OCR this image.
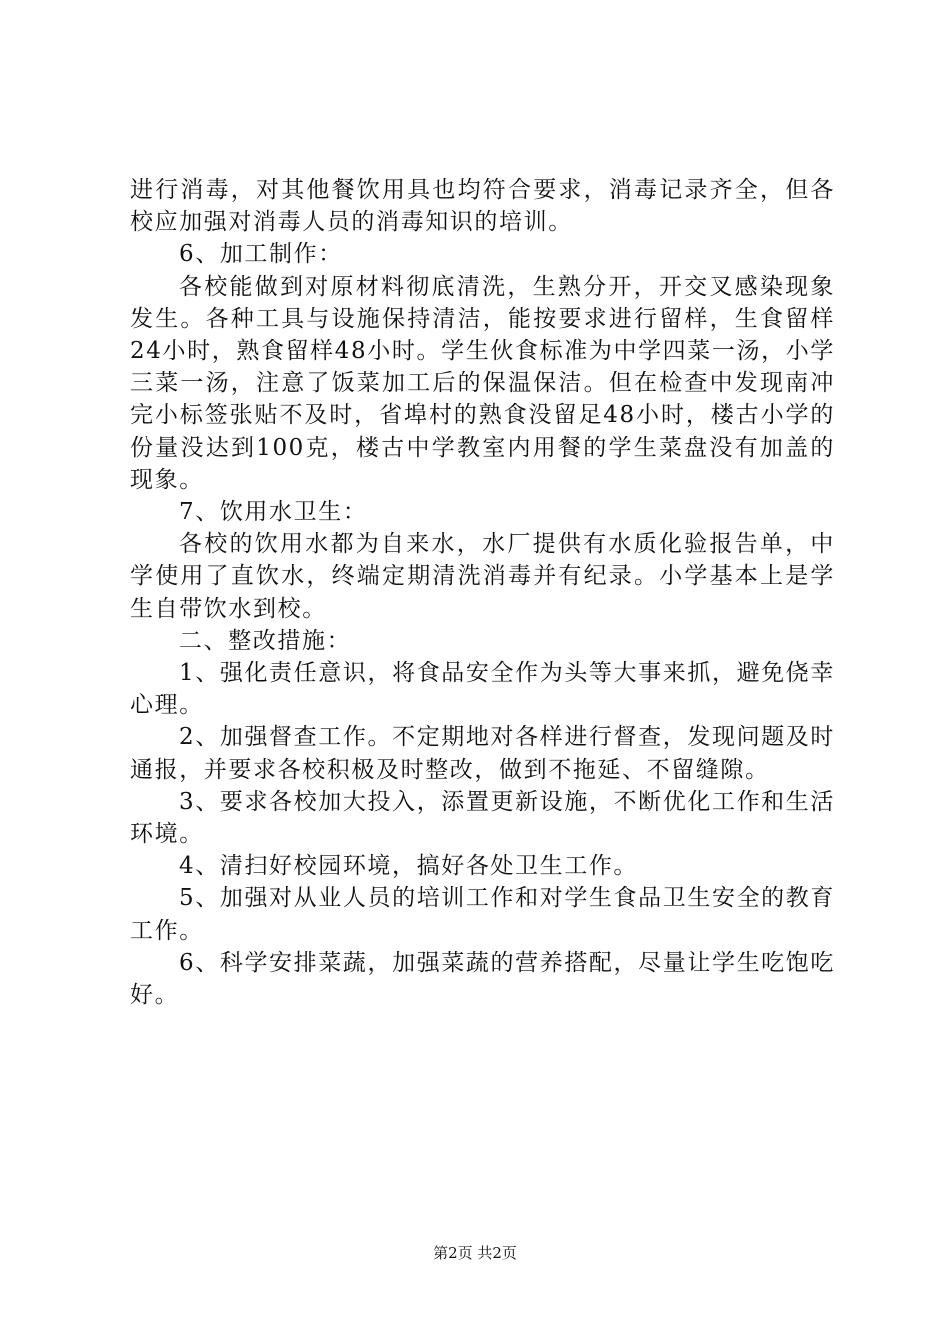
进行消毒，对其他餐饮用具也均符合要求，消毒记录齐全，但各校应加强对消毒人员的消毒知识的培训。

6、加工制作：

各校能做到对原材料彻底清洗，生熟分开，开交叉感染现象发生。各种工具与设施保持清洁，能按要求进行留样，生食留样24小时，熟食留样48小时。学生伙食标准为中学四菜一汤，小学三菜一汤，注意了饭菜加工后的保温保洁。但在检查中发现南冲完小标签张贴不及时，省埠村的熟食没留足48小时，楼古小学的份量没达到100克，楼古中学教室内用餐的学生菜盘没有加盖的现象。

7、饮用水卫生：

各校的饮用水都为自来水，水厂提供有水质化验报告单，中学使用了直饮水，终端定期清洗消毒并有纪录。小学基本上是学生自带饮水到校。

二、整改措施：

1、强化责任意识，将食品安全作为头等大事来抓，避免侥幸心理。

2、加强督查工作。不定期地对各样进行督查，发现问题及时通报，并要求各校积极及时整改，做到不拖延、不留缝隙。

3、要求各校加大投入，添置更新设施，不断优化工作和生活环境。

4、清扫好校园环境，搞好各处卫生工作。

5、加强对从业人员的培训工作和对学生食品卫生安全的教育工作。

6、科学安排菜蔬，加强菜蔬的营养搭配，尽量让学生吃饱吃好。

第2页 共2页
